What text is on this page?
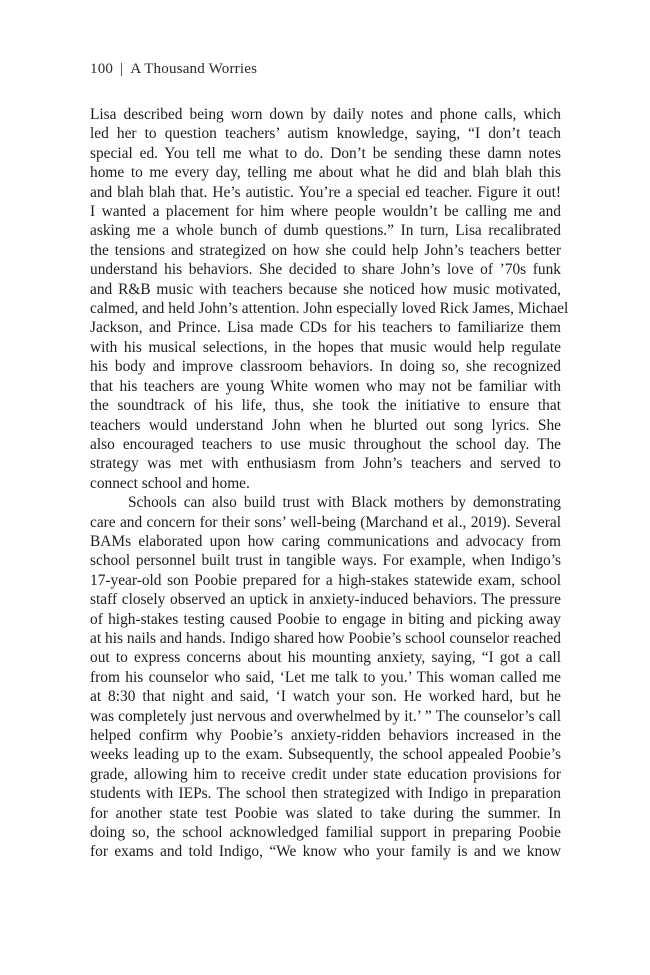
100 | A Thousand Worries
Lisa described being worn down by daily notes and phone calls, which
led her to question teachers’ autism knowledge, saying, “I don’t teach
special ed. You tell me what to do. Don’t be sending these damn notes
home to me every day, telling me about what he did and blah blah this
and blah blah that. He’s autistic. You’re a special ed teacher. Figure it out!
I wanted a placement for him where people wouldn’t be calling me and
asking me a whole bunch of dumb questions.” In turn, Lisa recalibrated
the tensions and strategized on how she could help John’s teachers better
understand his behaviors. She decided to share John’s love of ’70s funk
and R&B music with teachers because she noticed how music motivated,
calmed, and held John’s attention. John especially loved Rick James, Michael
Jackson, and Prince. Lisa made CDs for his teachers to familiarize them
with his musical selections, in the hopes that music would help regulate
his body and improve classroom behaviors. In doing so, she recognized
that his teachers are young White women who may not be familiar with
the soundtrack of his life, thus, she took the initiative to ensure that
teachers would understand John when he blurted out song lyrics. She
also encouraged teachers to use music throughout the school day. The
strategy was met with enthusiasm from John’s teachers and served to
connect school and home.
Schools can also build trust with Black mothers by demonstrating
care and concern for their sons’ well-being (Marchand et al., 2019). Several
BAMs elaborated upon how caring communications and advocacy from
school personnel built trust in tangible ways. For example, when Indigo’s
17-year-old son Poobie prepared for a high-stakes statewide exam, school
staff closely observed an uptick in anxiety-induced behaviors. The pressure
of high-stakes testing caused Poobie to engage in biting and picking away
at his nails and hands. Indigo shared how Poobie’s school counselor reached
out to express concerns about his mounting anxiety, saying, “I got a call
from his counselor who said, ‘Let me talk to you.’ This woman called me
at 8:30 that night and said, ‘I watch your son. He worked hard, but he
was completely just nervous and overwhelmed by it.’ ” The counselor’s call
helped confirm why Poobie’s anxiety-ridden behaviors increased in the
weeks leading up to the exam. Subsequently, the school appealed Poobie’s
grade, allowing him to receive credit under state education provisions for
students with IEPs. The school then strategized with Indigo in preparation
for another state test Poobie was slated to take during the summer. In
doing so, the school acknowledged familial support in preparing Poobie
for exams and told Indigo, “We know who your family is and we know
